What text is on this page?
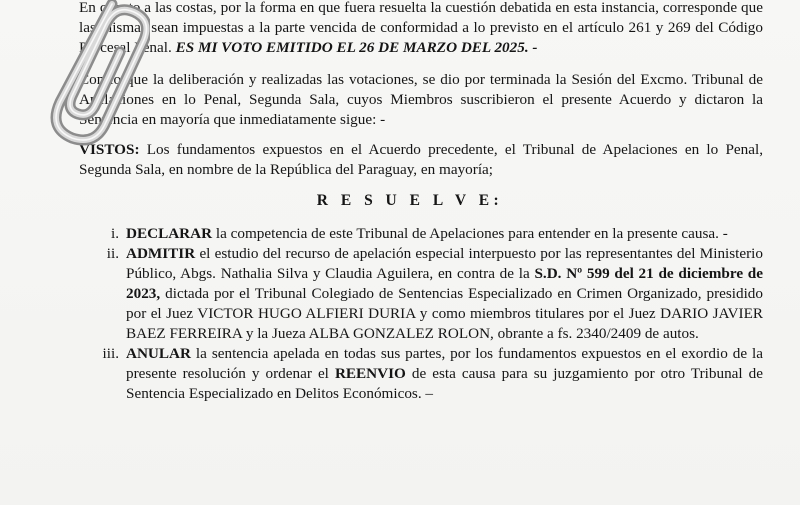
En cuanto a las costas, por la forma en que fuera resuelta la cuestión debatida en esta instancia, corresponde que las mismas sean impuestas a la parte vencida de conformidad a lo previsto en el artículo 261 y 269 del Código Procesal Penal. ES MI VOTO EMITIDO EL 26 DE MARZO DEL 2025. -
Con lo que la deliberación y realizadas las votaciones, se dio por terminada la Sesión del Excmo. Tribunal de Apelaciones en lo Penal, Segunda Sala, cuyos Miembros suscribieron el presente Acuerdo y dictaron la Sentencia en mayoría que inmediatamente sigue: -
VISTOS: Los fundamentos expuestos en el Acuerdo precedente, el Tribunal de Apelaciones en lo Penal, Segunda Sala, en nombre de la República del Paraguay, en mayoría;
R E S U E L V E:
i. DECLARAR la competencia de este Tribunal de Apelaciones para entender en la presente causa. -
ii. ADMITIR el estudio del recurso de apelación especial interpuesto por las representantes del Ministerio Público, Abgs. Nathalia Silva y Claudia Aguilera, en contra de la S.D. Nº 599 del 21 de diciembre de 2023, dictada por el Tribunal Colegiado de Sentencias Especializado en Crimen Organizado, presidido por el Juez VICTOR HUGO ALFIERI DURIA y como miembros titulares por el Juez DARIO JAVIER BAEZ FERREIRA y la Jueza ALBA GONZALEZ ROLON, obrante a fs. 2340/2409 de autos.
iii. ANULAR la sentencia apelada en todas sus partes, por los fundamentos expuestos en el exordio de la presente resolución y ordenar el REENVIO de esta causa para su juzgamiento por otro Tribunal de Sentencia Especializado en Delitos Económicos. –
